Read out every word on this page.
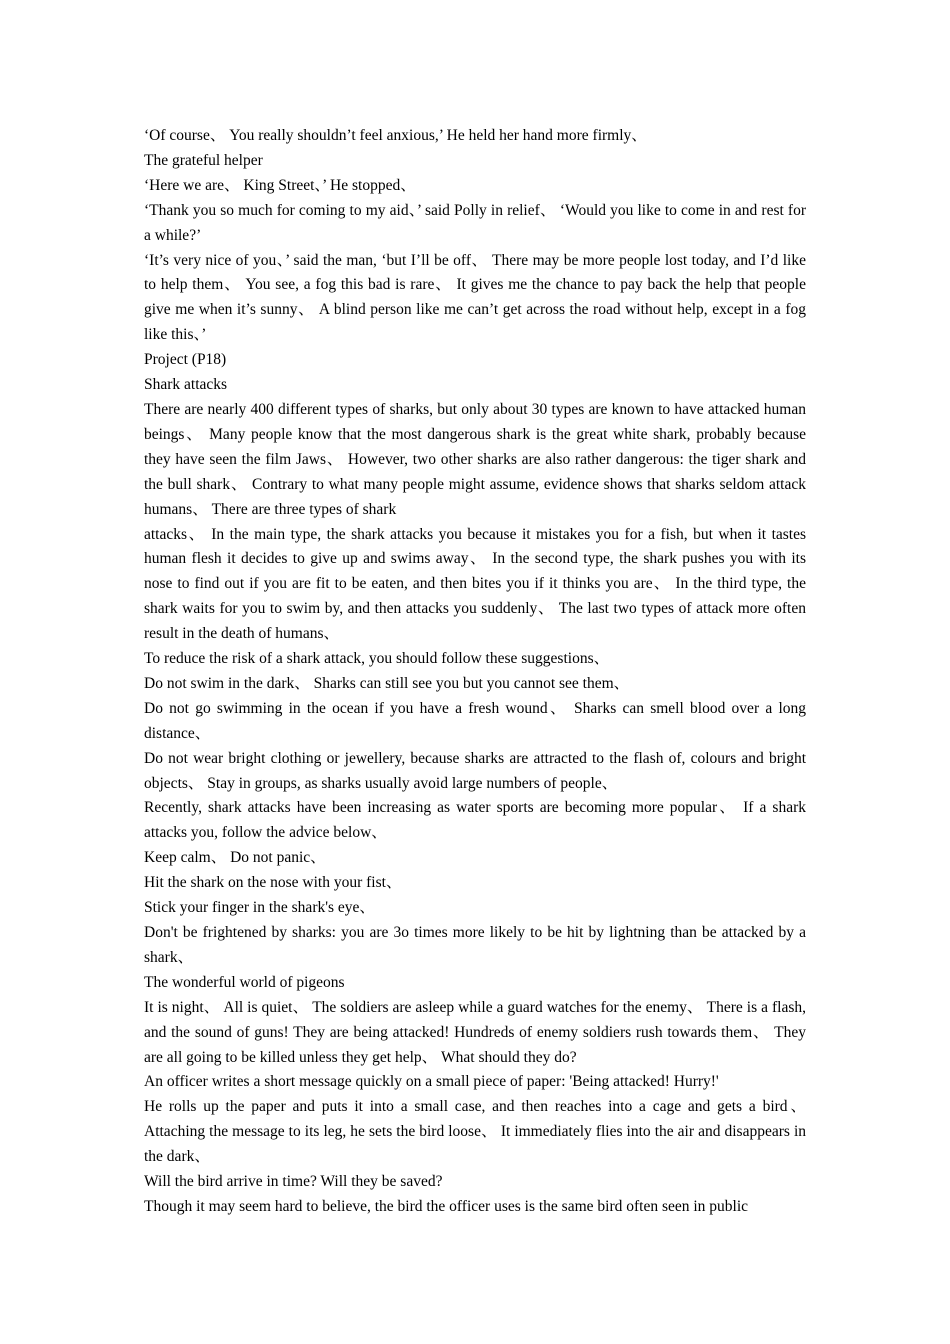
‘Of course、 You really shouldn’t feel anxious,’ He held her hand more firmly、

The grateful helper

‘Here we are、 King Street、’ He stopped、

‘Thank you so much for coming to my aid、’ said Polly in relief、 ‘Would you like to come in and rest for a while?’

‘It’s very nice of you、’ said the man, ‘but I’ll be off、 There may be more people lost today, and I’d like to help them、 You see, a fog this bad is rare、 It gives me the chance to pay back the help that people give me when it’s sunny、 A blind person like me can’t get across the road without help, except in a fog like this、’

Project (P18)

Shark attacks

There are nearly 400 different types of sharks, but only about 30 types are known to have attacked human beings、 Many people know that the most dangerous shark is the great white shark, probably because they have seen the film Jaws、 However, two other sharks are also rather dangerous: the tiger shark and the bull shark、 Contrary to what many people might assume, evidence shows that sharks seldom attack humans、 There are three types of shark

attacks、 In the main type, the shark attacks you because it mistakes you for a fish, but when it tastes human flesh it decides to give up and swims away、 In the second type, the shark pushes you with its nose to find out if you are fit to be eaten, and then bites you if it thinks you are、 In the third type, the shark waits for you to swim by, and then attacks you suddenly、 The last two types of attack more often result in the death of humans、

To reduce the risk of a shark attack, you should follow these suggestions、

Do not swim in the dark、 Sharks can still see you but you cannot see them、

Do not go swimming in the ocean if you have a fresh wound、 Sharks can smell blood over a long distance、

Do not wear bright clothing or jewellery, because sharks are attracted to the flash of, colours and bright objects、 Stay in groups, as sharks usually avoid large numbers of people、

Recently, shark attacks have been increasing as water sports are becoming more popular、 If a shark attacks you, follow the advice below、

Keep calm、 Do not panic、

Hit the shark on the nose with your fist、

Stick your finger in the shark's eye、

Don't be frightened by sharks: you are 3o times more likely to be hit by lightning than be attacked by a shark、

The wonderful world of pigeons

It is night、 All is quiet、 The soldiers are asleep while a guard watches for the enemy、 There is a flash, and the sound of guns! They are being attacked! Hundreds of enemy soldiers rush towards them、 They are all going to be killed unless they get help、 What should they do?

An officer writes a short message quickly on a small piece of paper: 'Being attacked! Hurry!'

He rolls up the paper and puts it into a small case, and then reaches into a cage and gets a bird、 Attaching the message to its leg, he sets the bird loose、 It immediately flies into the air and disappears in the dark、

Will the bird arrive in time? Will they be saved?

Though it may seem hard to believe, the bird the officer uses is the same bird often seen in public
